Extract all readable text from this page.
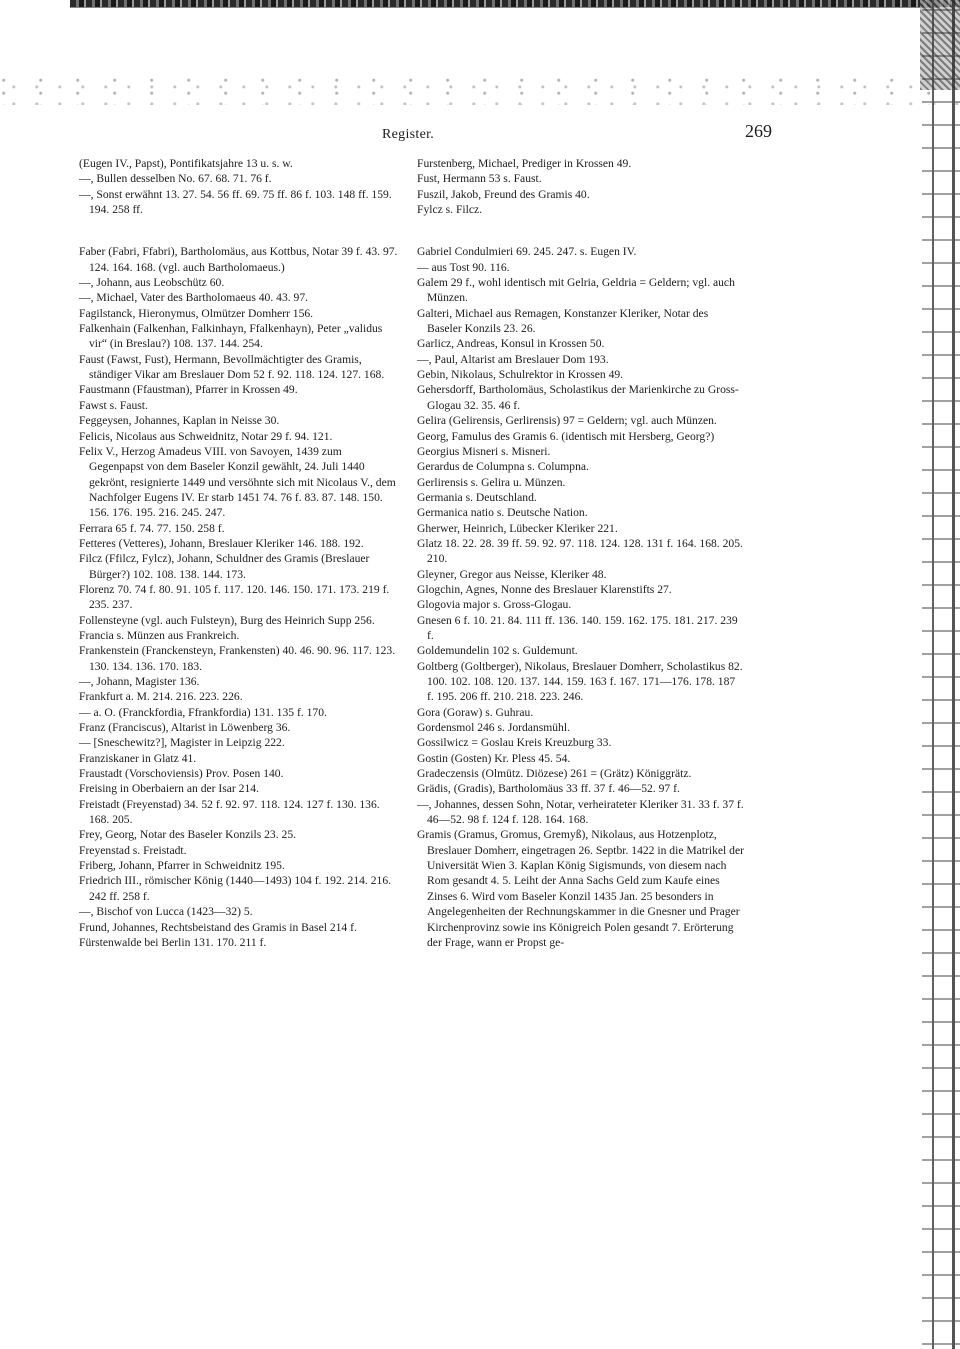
Register.	269

(Eugen IV., Papst), Pontifikatsjahre 13 u. s. w.

—, Bullen desselben No. 67. 68. 71. 76 f.

—, Sonst erwähnt 13. 27. 54. 56 ff. 69. 75 ff. 86 f. 103. 148 ff. 159. 194. 258 ff.

Faber (Fabri, Ffabri), Bartholomäus, aus Kottbus, Notar 39 f. 43. 97. 124. 164. 168. (vgl. auch Bartholomaeus.)

—, Johann, aus Leobschütz 60.

—, Michael, Vater des Bartholomaeus 40. 43. 97.

Fagilstanck, Hieronymus, Olmützer Domherr 156.

Falkenhain (Falkenhan, Falkinhayn, Ffalkenhayn), Peter „validus vir“ (in Breslau?) 108. 137. 144. 254.

Faust (Fawst, Fust), Hermann, Bevollmächtigter des Gramis, ständiger Vikar am Breslauer Dom 52 f. 92. 118. 124. 127. 168.

Faustmann (Ffaustman), Pfarrer in Krossen 49.

Fawst s. Faust.

Feggeysen, Johannes, Kaplan in Neisse 30.

Felicis, Nicolaus aus Schweidnitz, Notar 29 f. 94. 121.

Felix V., Herzog Amadeus VIII. von Savoyen, 1439 zum Gegenpapst von dem Baseler Konzil gewählt, 24. Juli 1440 gekrönt, resignierte 1449 und versöhnte sich mit Nicolaus V., dem Nachfolger Eugens IV. Er starb 1451 74. 76 f. 83. 87. 148. 150. 156. 176. 195. 216. 245. 247.

Ferrara 65 f. 74. 77. 150. 258 f.

Fetteres (Vetteres), Johann, Breslauer Kleriker 146. 188. 192.

Filcz (Ffilcz, Fylcz), Johann, Schuldner des Gramis (Breslauer Bürger?) 102. 108. 138. 144. 173.

Florenz 70. 74 f. 80. 91. 105 f. 117. 120. 146. 150. 171. 173. 219 f. 235. 237.

Follensteyne (vgl. auch Fulsteyn), Burg des Heinrich Supp 256.

Francia s. Münzen aus Frankreich.

Frankenstein (Franckensteyn, Frankensten) 40. 46. 90. 96. 117. 123. 130. 134. 136. 170. 183.

—, Johann, Magister 136.

Frankfurt a. M. 214. 216. 223. 226.

— a. O. (Franckfordia, Ffrankfordia) 131. 135 f. 170.

Franz (Franciscus), Altarist in Löwenberg 36.

— [Sneschewitz?], Magister in Leipzig 222.

Franziskaner in Glatz 41.

Fraustadt (Vorschoviensis) Prov. Posen 140.

Freising in Oberbaiern an der Isar 214.

Freistadt (Freyenstad) 34. 52 f. 92. 97. 118. 124. 127 f. 130. 136. 168. 205.

Frey, Georg, Notar des Baseler Konzils 23. 25.

Freyenstad s. Freistadt.

Friberg, Johann, Pfarrer in Schweidnitz 195.

Friedrich III., römischer König (1440—1493) 104 f. 192. 214. 216. 242 ff. 258 f.

—, Bischof von Lucca (1423—32) 5.

Frund, Johannes, Rechtsbeistand des Gramis in Basel 214 f.

Fürstenwalde bei Berlin 131. 170. 211 f.

Furstenberg, Michael, Prediger in Krossen 49.

Fust, Hermann 53 s. Faust.

Fuszil, Jakob, Freund des Gramis 40.

Fylcz s. Filcz.

Gabriel Condulmieri 69. 245. 247. s. Eugen IV.

— aus Tost 90. 116.

Galem 29 f., wohl identisch mit Gelria, Geldria = Geldern; vgl. auch Münzen.

Galteri, Michael aus Remagen, Konstanzer Kleriker, Notar des Baseler Konzils 23. 26.

Garlicz, Andreas, Konsul in Krossen 50.

—, Paul, Altarist am Breslauer Dom 193.

Gebin, Nikolaus, Schulrektor in Krossen 49.

Gehersdorff, Bartholomäus, Scholastikus der Marienkirche zu Gross-Glogau 32. 35. 46 f.

Gelira (Gelirensis, Gerlirensis) 97 = Geldern; vgl. auch Münzen.

Georg, Famulus des Gramis 6. (identisch mit Hersberg, Georg?)

Georgius Misneri s. Misneri.

Gerardus de Columpna s. Columpna.

Gerlirensis s. Gelira u. Münzen.

Germania s. Deutschland.

Germanica natio s. Deutsche Nation.

Gherwer, Heinrich, Lübecker Kleriker 221.

Glatz 18. 22. 28. 39 ff. 59. 92. 97. 118. 124. 128. 131 f. 164. 168. 205. 210.

Gleyner, Gregor aus Neisse, Kleriker 48.

Glogchin, Agnes, Nonne des Breslauer Klarenstifts 27.

Glogovia major s. Gross-Glogau.

Gnesen 6 f. 10. 21. 84. 111 ff. 136. 140. 159. 162. 175. 181. 217. 239 f.

Goldemundelin 102 s. Guldemunt.

Goltberg (Goltberger), Nikolaus, Breslauer Domherr, Scholastikus 82. 100. 102. 108. 120. 137. 144. 159. 163 f. 167. 171—176. 178. 187 f. 195. 206 ff. 210. 218. 223. 246.

Gora (Goraw) s. Guhrau.

Gordensmol 246 s. Jordansmühl.

Gossilwicz = Goslau Kreis Kreuzburg 33.

Gostin (Gosten) Kr. Pless 45. 54.

Gradeczensis (Olmütz. Diözese) 261 = (Grätz) Königgrätz.

Grädis, (Gradis), Bartholomäus 33 ff. 37 f. 46—52. 97 f.

—, Johannes, dessen Sohn, Notar, verheirateter Kleriker 31. 33 f. 37 f. 46—52. 98 f. 124 f. 128. 164. 168.

Gramis (Gramus, Gromus, Gremyß), Nikolaus, aus Hotzenplotz, Breslauer Domherr, eingetragen 26. Septbr. 1422 in die Matrikel der Universität Wien 3. Kaplan König Sigismunds, von diesem nach Rom gesandt 4. 5. Leiht der Anna Sachs Geld zum Kaufe eines Zinses 6. Wird vom Baseler Konzil 1435 Jan. 25 besonders in Angelegenheiten der Rechnungskammer in die Gnesner und Prager Kirchenprovinz sowie ins Königreich Polen gesandt 7. Erörterung der Frage, wann er Propst ge-
